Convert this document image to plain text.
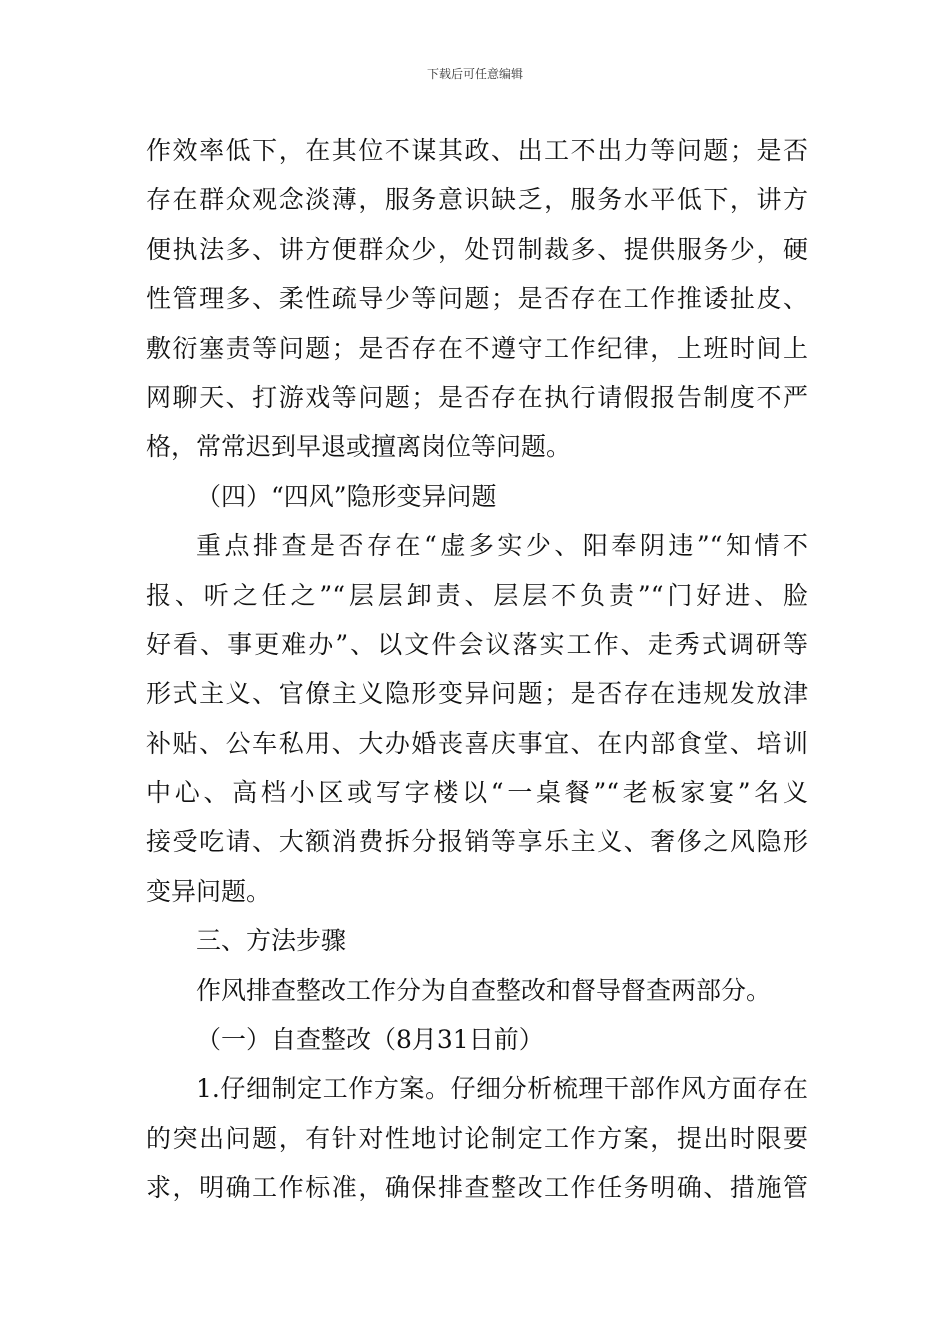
下载后可任意编辑
作效率低下，在其位不谋其政、出工不出力等问题；是否
存在群众观念淡薄，服务意识缺乏，服务水平低下，讲方
便执法多、讲方便群众少，处罚制裁多、提供服务少，硬
性管理多、柔性疏导少等问题；是否存在工作推诿扯皮、
敷衍塞责等问题；是否存在不遵守工作纪律，上班时间上
网聊天、打游戏等问题；是否存在执行请假报告制度不严
格，常常迟到早退或擅离岗位等问题。
（四）“四风”隐形变异问题
重点排查是否存在“虚多实少、阳奉阴违”“知情不
报、听之任之”“层层卸责、层层不负责”“门好进、脸
好看、事更难办”、以文件会议落实工作、走秀式调研等
形式主义、官僚主义隐形变异问题；是否存在违规发放津
补贴、公车私用、大办婚丧喜庆事宜、在内部食堂、培训
中心、高档小区或写字楼以“一桌餐”“老板家宴”名义
接受吃请、大额消费拆分报销等享乐主义、奢侈之风隐形
变异问题。
三、方法步骤
作风排查整改工作分为自查整改和督导督查两部分。
（一）自查整改（8月31日前）
1.仔细制定工作方案。仔细分析梳理干部作风方面存在
的突出问题，有针对性地讨论制定工作方案，提出时限要
求，明确工作标准，确保排查整改工作任务明确、措施管
